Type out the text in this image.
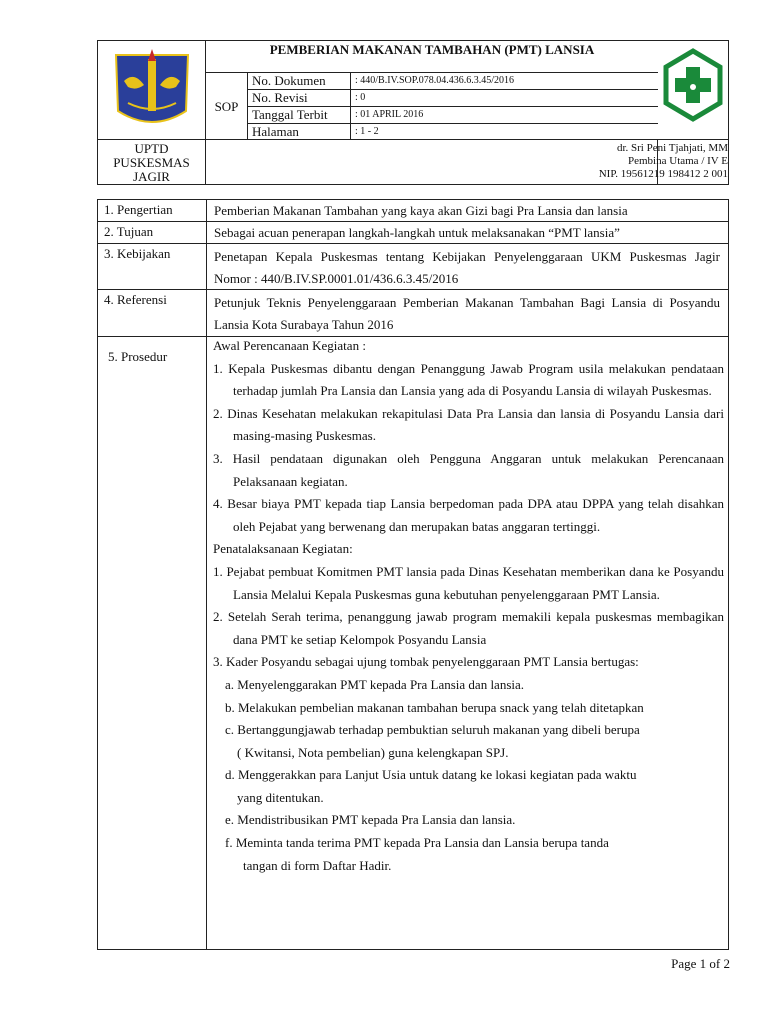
PEMBERIAN MAKANAN TAMBAHAN (PMT) LANSIA
SOP
No. Dokumen	: 440/B.IV.SOP.078.04.436.6.3.45/2016
No. Revisi	: 0
Tanggal Terbit	: 01 APRIL 2016
Halaman	: 1 - 2
UPTD PUSKESMAS JAGIR
dr. Sri Peni Tjahjati, MM
Pembina Utama / IV E
NIP. 19561219 198412 2 001
1. Pengertian	Pemberian Makanan Tambahan yang kaya akan Gizi bagi Pra Lansia dan lansia
2. Tujuan	Sebagai acuan penerapan langkah-langkah untuk melaksanakan “PMT lansia”
3. Kebijakan	Penetapan Kepala Puskesmas tentang Kebijakan Penyelenggaraan UKM Puskesmas Jagir Nomor : 440/B.IV.SP.0001.01/436.6.3.45/2016
4. Referensi	Petunjuk Teknis Penyelenggaraan Pemberian Makanan Tambahan Bagi Lansia di Posyandu Lansia Kota Surabaya Tahun 2016
5. Prosedur

Awal Perencanaan Kegiatan :

1. Kepala Puskesmas dibantu dengan Penanggung Jawab Program usila melakukan pendataan terhadap jumlah Pra Lansia dan Lansia yang ada di Posyandu Lansia di wilayah Puskesmas.

2. Dinas Kesehatan melakukan rekapitulasi Data Pra Lansia dan lansia di Posyandu Lansia dari masing-masing Puskesmas.

3. Hasil pendataan digunakan oleh Pengguna Anggaran untuk melakukan Perencanaan Pelaksanaan kegiatan.

4. Besar biaya PMT kepada tiap Lansia berpedoman pada DPA atau DPPA yang telah disahkan oleh Pejabat yang berwenang dan merupakan batas anggaran tertinggi.

Penatalaksanaan Kegiatan:

1. Pejabat pembuat Komitmen PMT lansia pada Dinas Kesehatan memberikan dana ke Posyandu Lansia Melalui Kepala Puskesmas guna kebutuhan penyelenggaraan PMT Lansia.

2. Setelah Serah terima, penanggung jawab program memakili kepala puskesmas membagikan dana PMT ke setiap Kelompok Posyandu Lansia

3. Kader Posyandu sebagai ujung tombak penyelenggaraan PMT Lansia bertugas:

a. Menyelenggarakan PMT kepada Pra Lansia dan lansia.

b. Melakukan pembelian makanan tambahan berupa snack yang telah ditetapkan

c. Bertanggungjawab terhadap pembuktian seluruh makanan yang dibeli berupa

( Kwitansi, Nota pembelian) guna kelengkapan SPJ.

d. Menggerakkan para Lanjut Usia untuk datang ke lokasi kegiatan pada waktu

yang ditentukan.

e. Mendistribusikan PMT kepada Pra Lansia dan lansia.

f. Meminta tanda terima PMT kepada Pra Lansia dan Lansia berupa tanda

tangan di form Daftar Hadir.

Page 1 of 2
